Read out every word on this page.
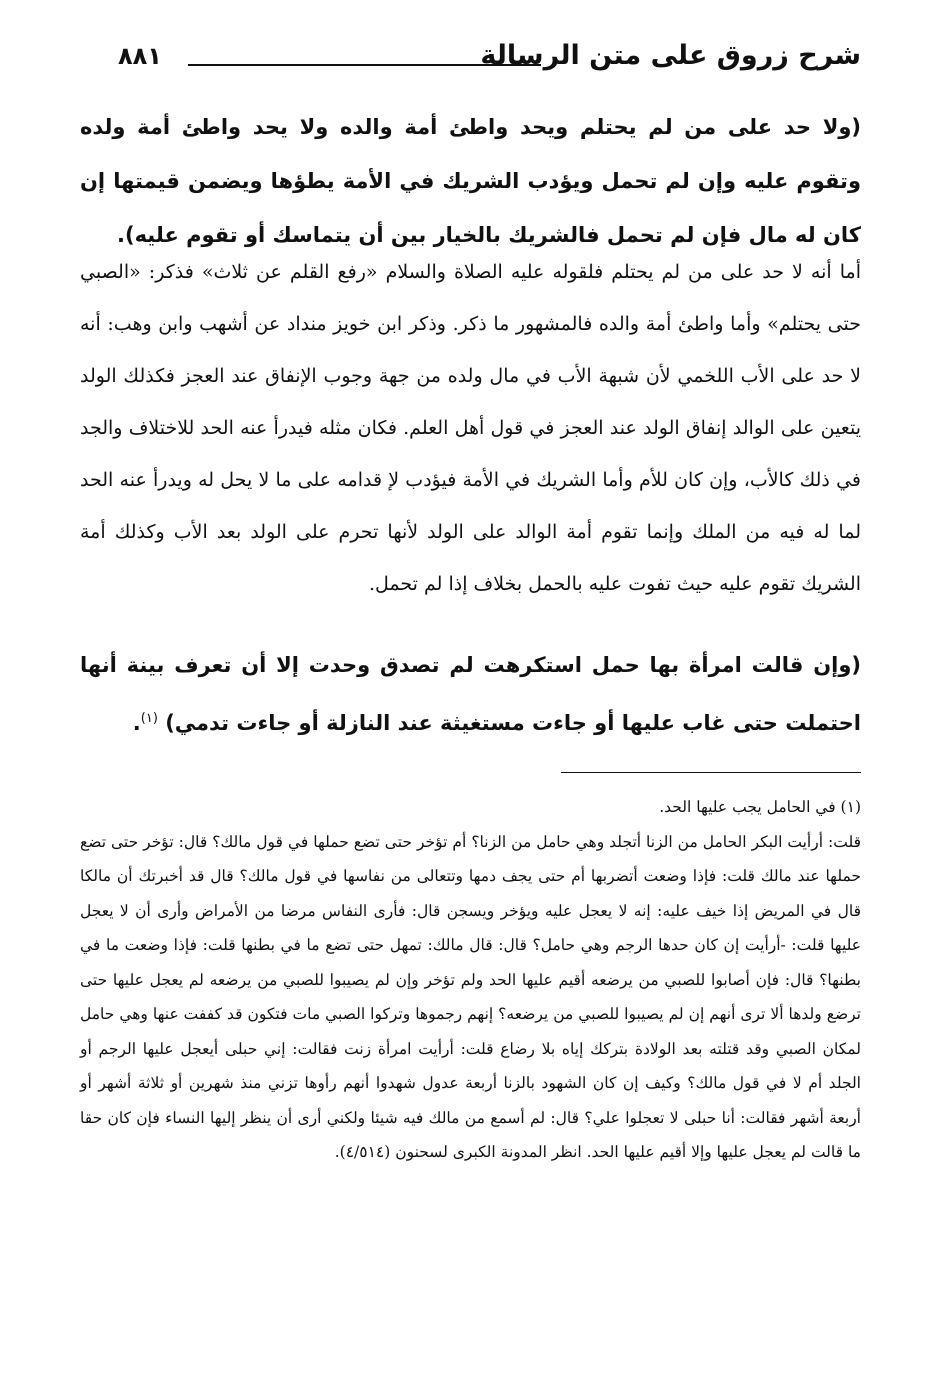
شرح زروق على متن الرسالة
٨٨١
(ولا حد على من لم يحتلم ويحد واطئ أمة والده ولا يحد واطئ أمة ولده وتقوم عليه وإن لم تحمل ويؤدب الشريك في الأمة يطؤها ويضمن قيمتها إن كان له مال فإن لم تحمل فالشريك بالخيار بين أن يتماسك أو تقوم عليه).
أما أنه لا حد على من لم يحتلم فلقوله عليه الصلاة والسلام «رفع القلم عن ثلاث» فذكر: «الصبي حتى يحتلم» وأما واطئ أمة والده فالمشهور ما ذكر. وذكر ابن خويز منداد عن أشهب وابن وهب: أنه لا حد على الأب اللخمي لأن شبهة الأب في مال ولده من جهة وجوب الإنفاق عند العجز فكذلك الولد يتعين على الوالد إنفاق الولد عند العجز في قول أهل العلم. فكان مثله فيدرأ عنه الحد للاختلاف والجد في ذلك كالأب، وإن كان للأم وأما الشريك في الأمة فيؤدب لإ قدامه على ما لا يحل له ويدرأ عنه الحد لما له فيه من الملك وإنما تقوم أمة الوالد على الولد لأنها تحرم على الولد بعد الأب وكذلك أمة الشريك تقوم عليه حيث تفوت عليه بالحمل بخلاف إذا لم تحمل.
(وإن قالت امرأة بها حمل استكرهت لم تصدق وحدت إلا أن تعرف بينة أنها احتملت حتى غاب عليها أو جاءت مستغيثة عند النازلة أو جاءت تدمي) $^{(١)}$.

(١) في الحامل يجب عليها الحد.

قلت: أرأيت البكر الحامل من الزنا أتجلد وهي حامل من الزنا؟ أم تؤخر حتى تضع حملها في قول مالك؟ قال: تؤخر حتى تضع حملها عند مالك قلت: فإذا وضعت أتضربها أم حتى يجف دمها وتتعالى من نفاسها في قول مالك؟ قال قد أخبرتك أن مالكا قال في المريض إذا خيف عليه: إنه لا يعجل عليه ويؤخر ويسجن قال: فأرى النفاس مرضا من الأمراض وأرى أن لا يعجل عليها قلت: -أرأيت إن كان حدها الرجم وهي حامل؟ قال: قال مالك: تمهل حتى تضع ما في بطنها قلت: فإذا وضعت ما في بطنها؟ قال: فإن أصابوا للصبي من يرضعه أقيم عليها الحد ولم تؤخر وإن لم يصيبوا للصبي من يرضعه لم يعجل عليها حتى ترضع ولدها ألا ترى أنهم إن لم يصيبوا للصبي من يرضعه؟ إنهم رجموها وتركوا الصبي مات فتكون قد كففت عنها وهي حامل لمكان الصبي وقد قتلته بعد الولادة بتركك إياه بلا رضاع قلت: أرأيت امرأة زنت فقالت: إني حبلى أيعجل عليها الرجم أو الجلد أم لا في قول مالك؟ وكيف إن كان الشهود بالزنا أربعة عدول شهدوا أنهم رأوها تزني منذ شهرين أو ثلاثة أشهر أو أربعة أشهر فقالت: أنا حبلى لا تعجلوا علي؟ قال: لم أسمع من مالك فيه شيئا ولكني أرى أن ينظر إليها النساء فإن كان حقا ما قالت لم يعجل عليها وإلا أقيم عليها الحد. انظر المدونة الكبرى لسحنون (٤/٥١٤).
